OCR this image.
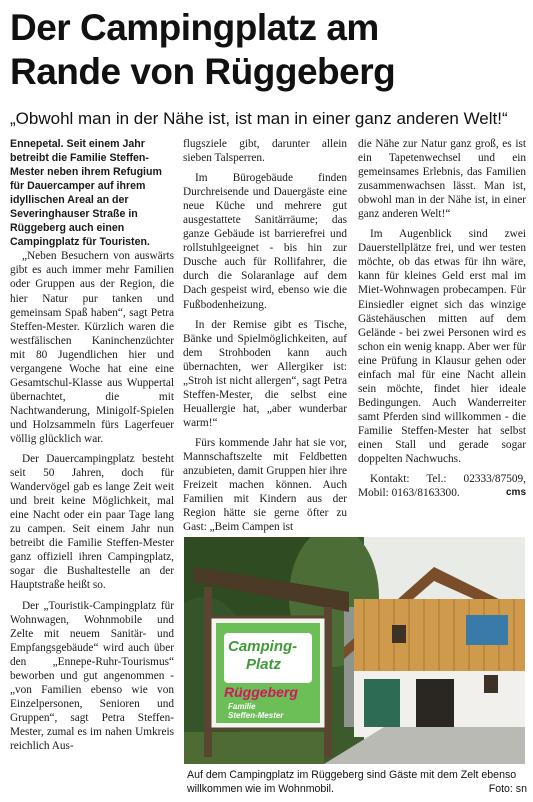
Der Campingplatz am
Rande von Rüggeberg
„Obwohl man in der Nähe ist, ist man in einer ganz anderen Welt!“

Ennepetal. Seit einem Jahr betreibt die Familie Steffen-Mester neben ihrem Refugium für Dauercamper auf ihrem idyllischen Areal an der Severinghauser Straße in Rüggeberg auch einen Campingplatz für Touristen.

„Neben Besuchern von auswärts gibt es auch immer mehr Familien oder Gruppen aus der Region, die hier Natur pur tanken und gemeinsam Spaß haben“, sagt Petra Steffen-Mester. Kürzlich waren die westfälischen Kaninchenzüchter mit 80 Jugendlichen hier und vergangene Woche hat eine eine Gesamtschul-Klasse aus Wuppertal übernachtet, die mit Nachtwanderung, Minigolf-Spielen und Holzsammeln fürs Lagerfeuer völlig glücklich war.

Der Dauercampingplatz besteht seit 50 Jahren, doch für Wandervögel gab es lange Zeit weit und breit keine Möglichkeit, mal eine Nacht oder ein paar Tage lang zu campen. Seit einem Jahr nun betreibt die Familie Steffen-Mester ganz offiziell ihren Campingplatz, sogar die Bushaltestelle an der Hauptstraße heißt so.

Der „Touristik-Campingplatz für Wohnwagen, Wohnmobile und Zelte mit neuem Sanitär- und Empfangsgebäude“ wird auch über den „Ennepe-Ruhr-Tourismus“ beworben und gut angenommen - „von Familien ebenso wie von Einzelpersonen, Senioren und Gruppen“, sagt Petra Steffen-Mester, zumal es im nahen Umkreis reichlich Aus-

flugsziele gibt, darunter allein sieben Talsperren.

Im Bürogebäude finden Durchreisende und Dauergäste eine neue Küche und mehrere gut ausgestattete Sanitärräume; das ganze Gebäude ist barrierefrei und rollstuhlgeeignet - bis hin zur Dusche auch für Rollifahrer, die durch die Solaranlage auf dem Dach gespeist wird, ebenso wie die Fußbodenheizung.

In der Remise gibt es Tische, Bänke und Spielmöglichkeiten, auf dem Strohboden kann auch übernachten, wer Allergiker ist: „Stroh ist nicht allergen“, sagt Petra Steffen-Mester, die selbst eine Heuallergie hat, „aber wunderbar warm!“

Fürs kommende Jahr hat sie vor, Mannschaftszelte mit Feldbetten anzubieten, damit Gruppen hier ihre Freizeit machen können. Auch Familien mit Kindern aus der Region hätte sie gerne öfter zu Gast: „Beim Campen ist

die Nähe zur Natur ganz groß, es ist ein Tapetenwechsel und ein gemeinsames Erlebnis, das Familien zusammenwachsen lässt. Man ist, obwohl man in der Nähe ist, in einer ganz anderen Welt!“

Im Augenblick sind zwei Dauerstellplätze frei, und wer testen möchte, ob das etwas für ihn wäre, kann für kleines Geld erst mal im Miet-Wohnwagen probecampen. Für Einsiedler eignet sich das winzige Gästehäuschen mitten auf dem Gelände - bei zwei Personen wird es schon ein wenig knapp. Aber wer für eine Prüfung in Klausur gehen oder einfach mal für eine Nacht allein sein möchte, findet hier ideale Bedingungen. Auch Wanderreiter samt Pferden sind willkommen - die Familie Steffen-Mester hat selbst einen Stall und gerade sogar doppelten Nachwuchs.

Kontakt: Tel.: 02333/87509, Mobil: 0163/8163300.	cms

Camping-
Platz
Rüggeberg
Familie
Steffen-Mester
Auf dem Campingplatz im Rüggeberg sind Gäste mit dem Zelt ebenso willkommen wie im Wohnmobil.	Foto: sn
